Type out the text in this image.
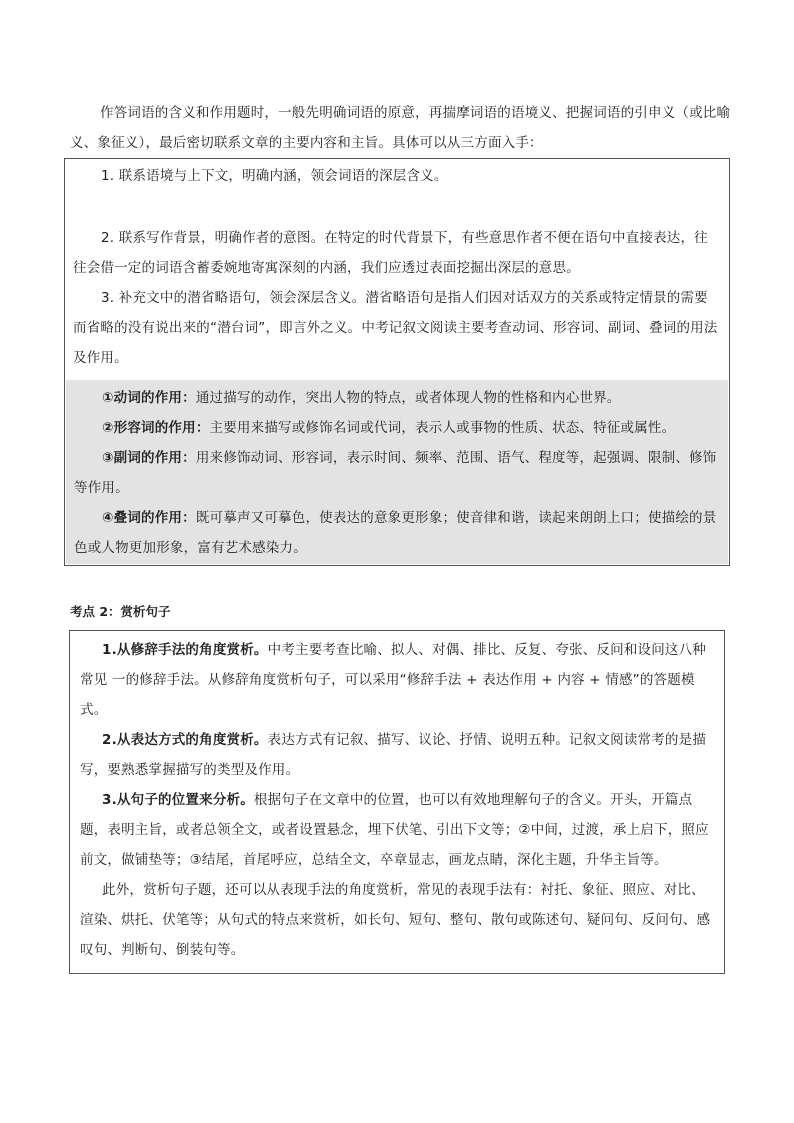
作答词语的含义和作用题时，一般先明确词语的原意，再揣摩词语的语境义、把握词语的引申义（或比喻义、象征义），最后密切联系文章的主要内容和主旨。具体可以从三方面入手：

1. 联系语境与上下文，明确内涵，领会词语的深层含义。

2. 联系写作背景，明确作者的意图。在特定的时代背景下，有些意思作者不便在语句中直接表达，往往会借一定的词语含蓄委婉地寄寓深刻的内涵，我们应透过表面挖掘出深层的意思。

3. 补充文中的潜省略语句，领会深层含义。潜省略语句是指人们因对话双方的关系或特定情景的需要而省略的没有说出来的“潜台词”，即言外之义。中考记叙文阅读主要考查动词、形容词、副词、叠词的用法及作用。

①动词的作用：通过描写的动作，突出人物的特点，或者体现人物的性格和内心世界。

②形容词的作用：主要用来描写或修饰名词或代词，表示人或事物的性质、状态、特征或属性。

③副词的作用：用来修饰动词、形容词，表示时间、频率、范围、语气、程度等，起强调、限制、修饰等作用。

④叠词的作用：既可摹声又可摹色，使表达的意象更形象；使音律和谐，读起来朗朗上口；使描绘的景色或人物更加形象，富有艺术感染力。

考点 2：赏析句子

1.从修辞手法的角度赏析。中考主要考查比喻、拟人、对偶、排比、反复、夸张、反问和设问这八种常见 一的修辞手法。从修辞角度赏析句子，可以采用“修辞手法 + 表达作用 + 内容 + 情感”的答题模式。

2.从表达方式的角度赏析。表达方式有记叙、描写、议论、抒情、说明五种。记叙文阅读常考的是描写，要熟悉掌握描写的类型及作用。

3.从句子的位置来分析。根据句子在文章中的位置，也可以有效地理解句子的含义。开头，开篇点 题，表明主旨，或者总领全文，或者设置悬念，埋下伏笔、引出下文等；②中间，过渡，承上启下，照应前文，做铺垫等；③结尾，首尾呼应，总结全文，卒章显志，画龙点睛，深化主题，升华主旨等。

此外，赏析句子题，还可以从表现手法的角度赏析，常见的表现手法有：衬托、象征、照应、对比、渲染、烘托、伏笔等；从句式的特点来赏析，如长句、短句、整句、散句或陈述句、疑问句、反问句、感叹句、判断句、倒装句等。
